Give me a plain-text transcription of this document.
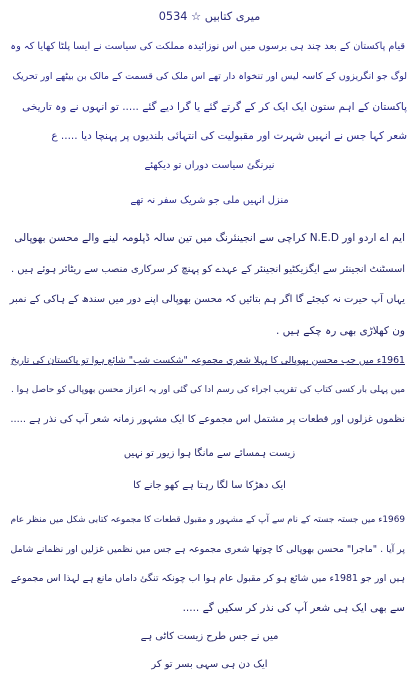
میری کتابیں ☆ 0534
قیام پاکستان کے بعد چند ہی برسوں میں اس نوزائیدہ مملکت کی سیاست نے ایسا پلٹا کھایا کہ وہ
لوگ جو انگریزوں کے کاسہ لیس اور تنخواہ دار تھے اس ملک کی قسمت کے مالک بن بیٹھے اور تحریک
پاکستان کے اہم ستون ایک ایک کر کے گرتے گئے یا گرا دیے گئے ..... تو انہوں نے وہ تاریخی
شعر کہا جس نے انہیں شہرت اور مقبولیت کی انتہائی بلندیوں پر پہنچا دیا ..... ع
نیرنگئ سیاست دوراں تو دیکھئے
منزل انہیں ملی جو شریک سفر نہ تھے
ایم اے اردو اور N.E.D کراچی سے انجینئرنگ میں تین سالہ ڈپلومہ لینے والے محسن بھوپالی
اسسٹنٹ انجینئر سے ایگزیکٹیو انجینئر کے عہدے کو پہنچ کر سرکاری منصب سے ریٹائر ہوئے ہیں .
یہاں آپ حیرت نہ کیجئے گا اگر ہم بتائیں کہ محسن بھوپالی اپنے دور میں سندھ کے ہاکی کے نمبر
ون کھلاڑی بھی رہ چکے ہیں .
1961ء میں جب محسن بھوپالی کا پہلا شعری مجموعہ "شکست شب" شائع ہوا تو پاکستان کی تاریخ
میں پہلی بار کسی کتاب کی تقریب اجراء کی رسم ادا کی گئی اور یہ اعزاز محسن بھوپالی کو حاصل ہوا .
نظموں غزلوں اور قطعات پر مشتمل اس مجموعے کا ایک مشہور زمانہ شعر آپ کی نذر ہے .....
زیست ہمسائے سے مانگا ہوا زیور تو نہیں
ایک دھڑکا سا لگا رہتا ہے کھو جانے کا
1969ء میں جستہ جستہ کے نام سے آپ کے مشہور و مقبول قطعات کا مجموعہ کتابی شکل میں منظر عام
پر آیا . "ماجرا" محسن بھوپالی کا چوتھا شعری مجموعہ ہے جس میں نظمیں غزلیں اور نظمانے شامل
ہیں اور جو 1981ء میں شائع ہو کر مقبول عام ہوا اب چونکہ تنگئ داماں مانع ہے لہذا اس مجموعے
سے بھی ایک ہی شعر آپ کی نذر کر سکیں گے .....
میں نے جس طرح زیست کاٹی ہے
ایک دن ہی سہی بسر تو کر
